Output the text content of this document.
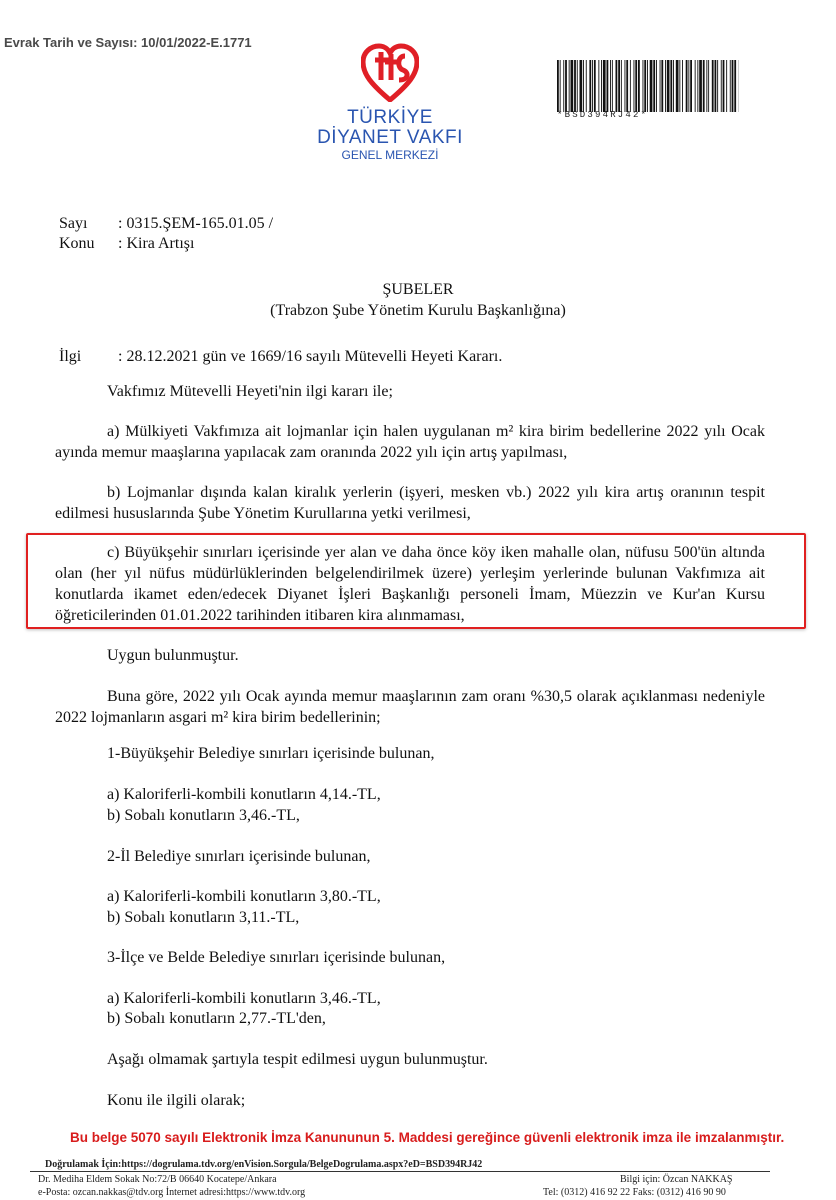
Evrak Tarih ve Sayısı: 10/01/2022-E.1771
TÜRKİYE
DİYANET VAKFI
GENEL MERKEZİ
*BSD394RJ42*
Sayı : 0315.ŞEM-165.01.05 /
Konu : Kira Artışı
ŞUBELER
(Trabzon Şube Yönetim Kurulu Başkanlığına)
İlgi : 28.12.2021 gün ve 1669/16 sayılı Mütevelli Heyeti Kararı.
Vakfımız Mütevelli Heyeti'nin ilgi kararı ile;
a) Mülkiyeti Vakfımıza ait lojmanlar için halen uygulanan m² kira birim bedellerine 2022 yılı Ocak ayında memur maaşlarına yapılacak zam oranında 2022 yılı için artış yapılması,
b) Lojmanlar dışında kalan kiralık yerlerin (işyeri, mesken vb.) 2022 yılı kira artış oranının tespit edilmesi hususlarında Şube Yönetim Kurullarına yetki verilmesi,
c) Büyükşehir sınırları içerisinde yer alan ve daha önce köy iken mahalle olan, nüfusu 500'ün altında olan (her yıl nüfus müdürlüklerinden belgelendirilmek üzere) yerleşim yerlerinde bulunan Vakfımıza ait konutlarda ikamet eden/edecek Diyanet İşleri Başkanlığı personeli İmam, Müezzin ve Kur'an Kursu öğreticilerinden 01.01.2022 tarihinden itibaren kira alınmaması,
Uygun bulunmuştur.
Buna göre, 2022 yılı Ocak ayında memur maaşlarının zam oranı %30,5 olarak açıklanması nedeniyle 2022 lojmanların asgari m² kira birim bedellerinin;
1-Büyükşehir Belediye sınırları içerisinde bulunan,
a) Kaloriferli-kombili konutların 4,14.-TL,
b) Sobalı konutların 3,46.-TL,
2-İl Belediye sınırları içerisinde bulunan,
a) Kaloriferli-kombili konutların 3,80.-TL,
b) Sobalı konutların 3,11.-TL,
3-İlçe ve Belde Belediye sınırları içerisinde bulunan,
a) Kaloriferli-kombili konutların 3,46.-TL,
b) Sobalı konutların 2,77.-TL'den,
Aşağı olmamak şartıyla tespit edilmesi uygun bulunmuştur.
Konu ile ilgili olarak;
Bu belge 5070 sayılı Elektronik İmza Kanununun 5. Maddesi gereğince güvenli elektronik imza ile imzalanmıştır.
Doğrulamak İçin:https://dogrulama.tdv.org/enVision.Sorgula/BelgeDogrulama.aspx?eD=BSD394RJ42
Dr. Mediha Eldem Sokak No:72/B 06640 Kocatepe/Ankara	Bilgi için: Özcan NAKKAŞ
e-Posta: ozcan.nakkas@tdv.org İnternet adresi:https://www.tdv.org	Tel: (0312) 416 92 22 Faks: (0312) 416 90 90
